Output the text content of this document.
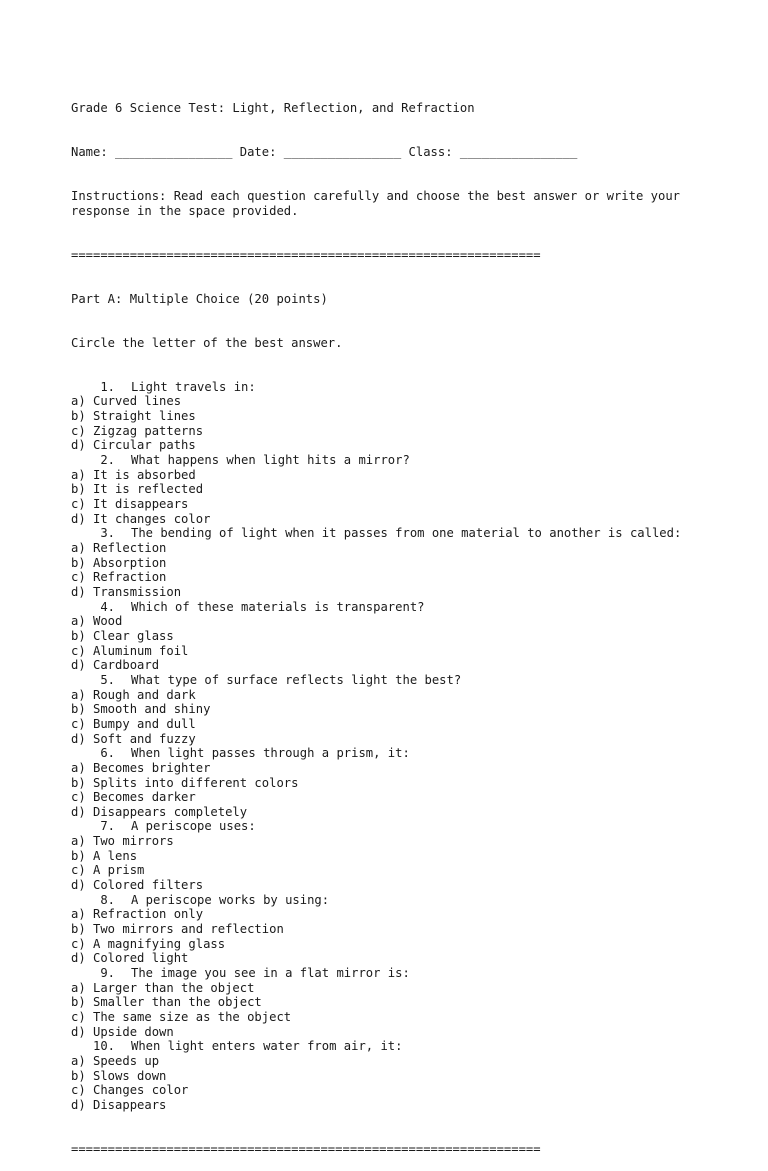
Grade 6 Science Test: Light, Reflection, and Refraction

Name: ________________ Date: ________________ Class: ________________

Instructions: Read each question carefully and choose the best answer or write your response in the space provided.

================================================================

Part A: Multiple Choice (20 points)

Circle the letter of the best answer.

1. Light travels in:
a) Curved lines
b) Straight lines
c) Zigzag patterns
d) Circular paths
2. What happens when light hits a mirror?
a) It is absorbed
b) It is reflected
c) It disappears
d) It changes color
3. The bending of light when it passes from one material to another is called:
a) Reflection
b) Absorption
c) Refraction
d) Transmission
4. Which of these materials is transparent?
a) Wood
b) Clear glass
c) Aluminum foil
d) Cardboard
5. What type of surface reflects light the best?
a) Rough and dark
b) Smooth and shiny
c) Bumpy and dull
d) Soft and fuzzy
6. When light passes through a prism, it:
a) Becomes brighter
b) Splits into different colors
c) Becomes darker
d) Disappears completely
7. A periscope uses:
a) Two mirrors
b) A lens
c) A prism
d) Colored filters
8. A periscope works by using:
a) Refraction only
b) Two mirrors and reflection
c) A magnifying glass
d) Colored light
9. The image you see in a flat mirror is:
a) Larger than the object
b) Smaller than the object
c) The same size as the object
d) Upside down
10. When light enters water from air, it:
a) Speeds up
b) Slows down
c) Changes color
d) Disappears

================================================================
